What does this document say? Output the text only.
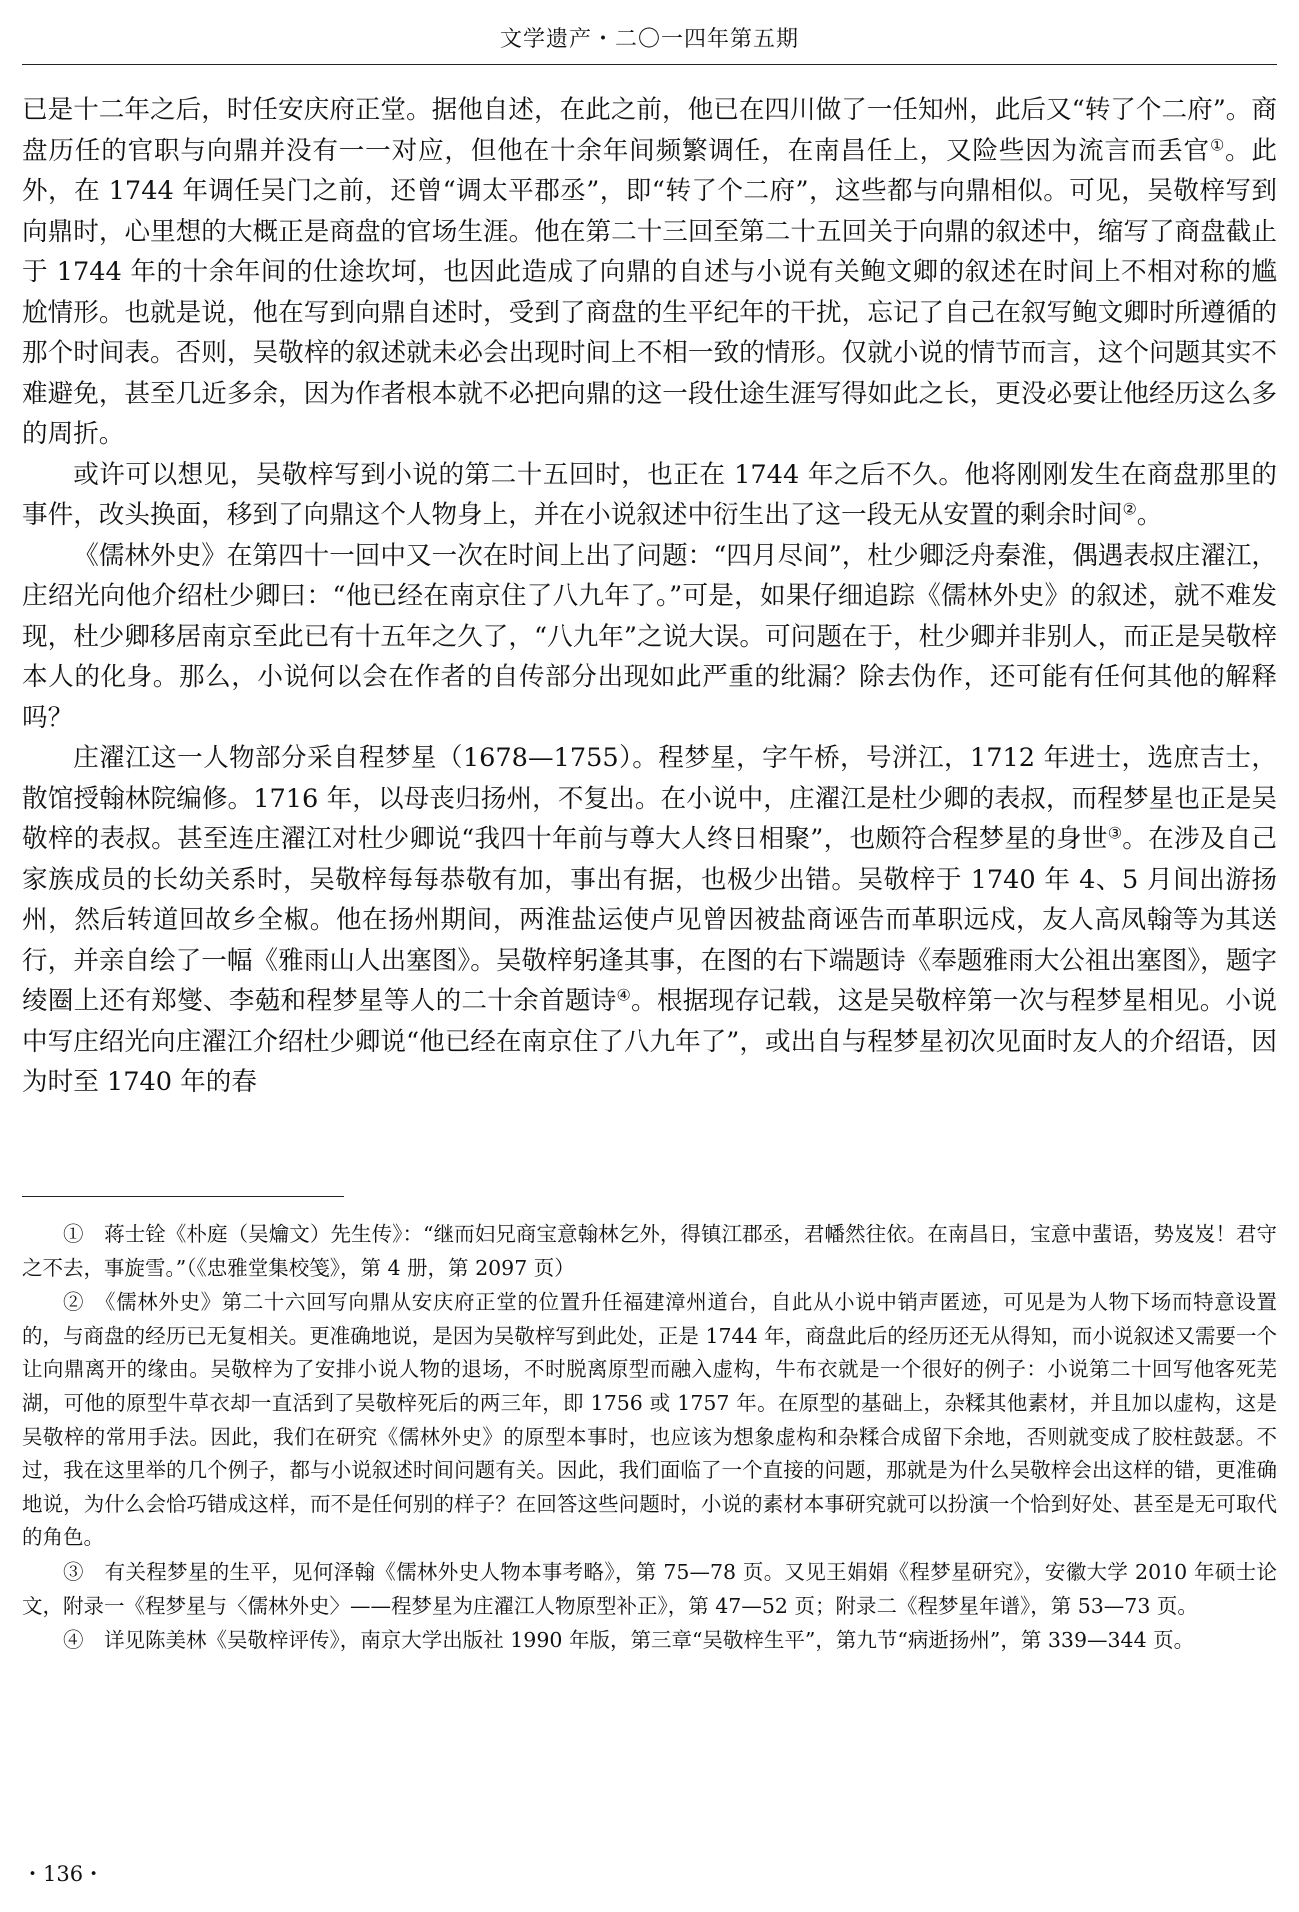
文学遗产・二〇一四年第五期

已是十二年之后，时任安庆府正堂。据他自述，在此之前，他已在四川做了一任知州，此后又“转了个二府”。商盘历任的官职与向鼎并没有一一对应，但他在十余年间频繁调任，在南昌任上，又险些因为流言而丢官①。此外，在 1744 年调任吴门之前，还曾“调太平郡丞”，即“转了个二府”，这些都与向鼎相似。可见，吴敬梓写到向鼎时，心里想的大概正是商盘的官场生涯。他在第二十三回至第二十五回关于向鼎的叙述中，缩写了商盘截止于 1744 年的十余年间的仕途坎坷，也因此造成了向鼎的自述与小说有关鲍文卿的叙述在时间上不相对称的尴尬情形。也就是说，他在写到向鼎自述时，受到了商盘的生平纪年的干扰，忘记了自己在叙写鲍文卿时所遵循的那个时间表。否则，吴敬梓的叙述就未必会出现时间上不相一致的情形。仅就小说的情节而言，这个问题其实不难避免，甚至几近多余，因为作者根本就不必把向鼎的这一段仕途生涯写得如此之长，更没必要让他经历这么多的周折。

或许可以想见，吴敬梓写到小说的第二十五回时，也正在 1744 年之后不久。他将刚刚发生在商盘那里的事件，改头换面，移到了向鼎这个人物身上，并在小说叙述中衍生出了这一段无从安置的剩余时间②。

《儒林外史》在第四十一回中又一次在时间上出了问题：“四月尽间”，杜少卿泛舟秦淮，偶遇表叔庄濯江，庄绍光向他介绍杜少卿曰：“他已经在南京住了八九年了。”可是，如果仔细追踪《儒林外史》的叙述，就不难发现，杜少卿移居南京至此已有十五年之久了，“八九年”之说大误。可问题在于，杜少卿并非别人，而正是吴敬梓本人的化身。那么，小说何以会在作者的自传部分出现如此严重的纰漏？除去伪作，还可能有任何其他的解释吗？

庄濯江这一人物部分采自程梦星（1678—1755）。程梦星，字午桥，号洴江，1712 年进士，选庶吉士，散馆授翰林院编修。1716 年，以母丧归扬州，不复出。在小说中，庄濯江是杜少卿的表叔，而程梦星也正是吴敬梓的表叔。甚至连庄濯江对杜少卿说“我四十年前与尊大人终日相聚”，也颇符合程梦星的身世③。在涉及自己家族成员的长幼关系时，吴敬梓每每恭敬有加，事出有据，也极少出错。吴敬梓于 1740 年 4、5 月间出游扬州，然后转道回故乡全椒。他在扬州期间，两淮盐运使卢见曾因被盐商诬告而革职远戍，友人高凤翰等为其送行，并亲自绘了一幅《雅雨山人出塞图》。吴敬梓躬逢其事，在图的右下端题诗《奉题雅雨大公祖出塞图》，题字绫圈上还有郑燮、李葂和程梦星等人的二十余首题诗④。根据现存记载，这是吴敬梓第一次与程梦星相见。小说中写庄绍光向庄濯江介绍杜少卿说“他已经在南京住了八九年了”，或出自与程梦星初次见面时友人的介绍语，因为时至 1740 年的春

①　蒋士铨《朴庭（吴爚文）先生传》：“继而妇兄商宝意翰林乞外，得镇江郡丞，君幡然往依。在南昌日，宝意中蜚语，势岌岌！君守之不去，事旋雪。”（《忠雅堂集校笺》，第 4 册，第 2097 页）

②　《儒林外史》第二十六回写向鼎从安庆府正堂的位置升任福建漳州道台，自此从小说中销声匿迹，可见是为人物下场而特意设置的，与商盘的经历已无复相关。更准确地说，是因为吴敬梓写到此处，正是 1744 年，商盘此后的经历还无从得知，而小说叙述又需要一个让向鼎离开的缘由。吴敬梓为了安排小说人物的退场，不时脱离原型而融入虚构，牛布衣就是一个很好的例子：小说第二十回写他客死芜湖，可他的原型牛草衣却一直活到了吴敬梓死后的两三年，即 1756 或 1757 年。在原型的基础上，杂糅其他素材，并且加以虚构，这是吴敬梓的常用手法。因此，我们在研究《儒林外史》的原型本事时，也应该为想象虚构和杂糅合成留下余地，否则就变成了胶柱鼓瑟。不过，我在这里举的几个例子，都与小说叙述时间问题有关。因此，我们面临了一个直接的问题，那就是为什么吴敬梓会出这样的错，更准确地说，为什么会恰巧错成这样，而不是任何别的样子？在回答这些问题时，小说的素材本事研究就可以扮演一个恰到好处、甚至是无可取代的角色。

③　有关程梦星的生平，见何泽翰《儒林外史人物本事考略》，第 75—78 页。又见王娟娟《程梦星研究》，安徽大学 2010 年硕士论文，附录一《程梦星与〈儒林外史〉——程梦星为庄濯江人物原型补正》，第 47—52 页；附录二《程梦星年谱》，第 53—73 页。

④　详见陈美林《吴敬梓评传》，南京大学出版社 1990 年版，第三章“吴敬梓生平”，第九节“病逝扬州”，第 339—344 页。

・136・
